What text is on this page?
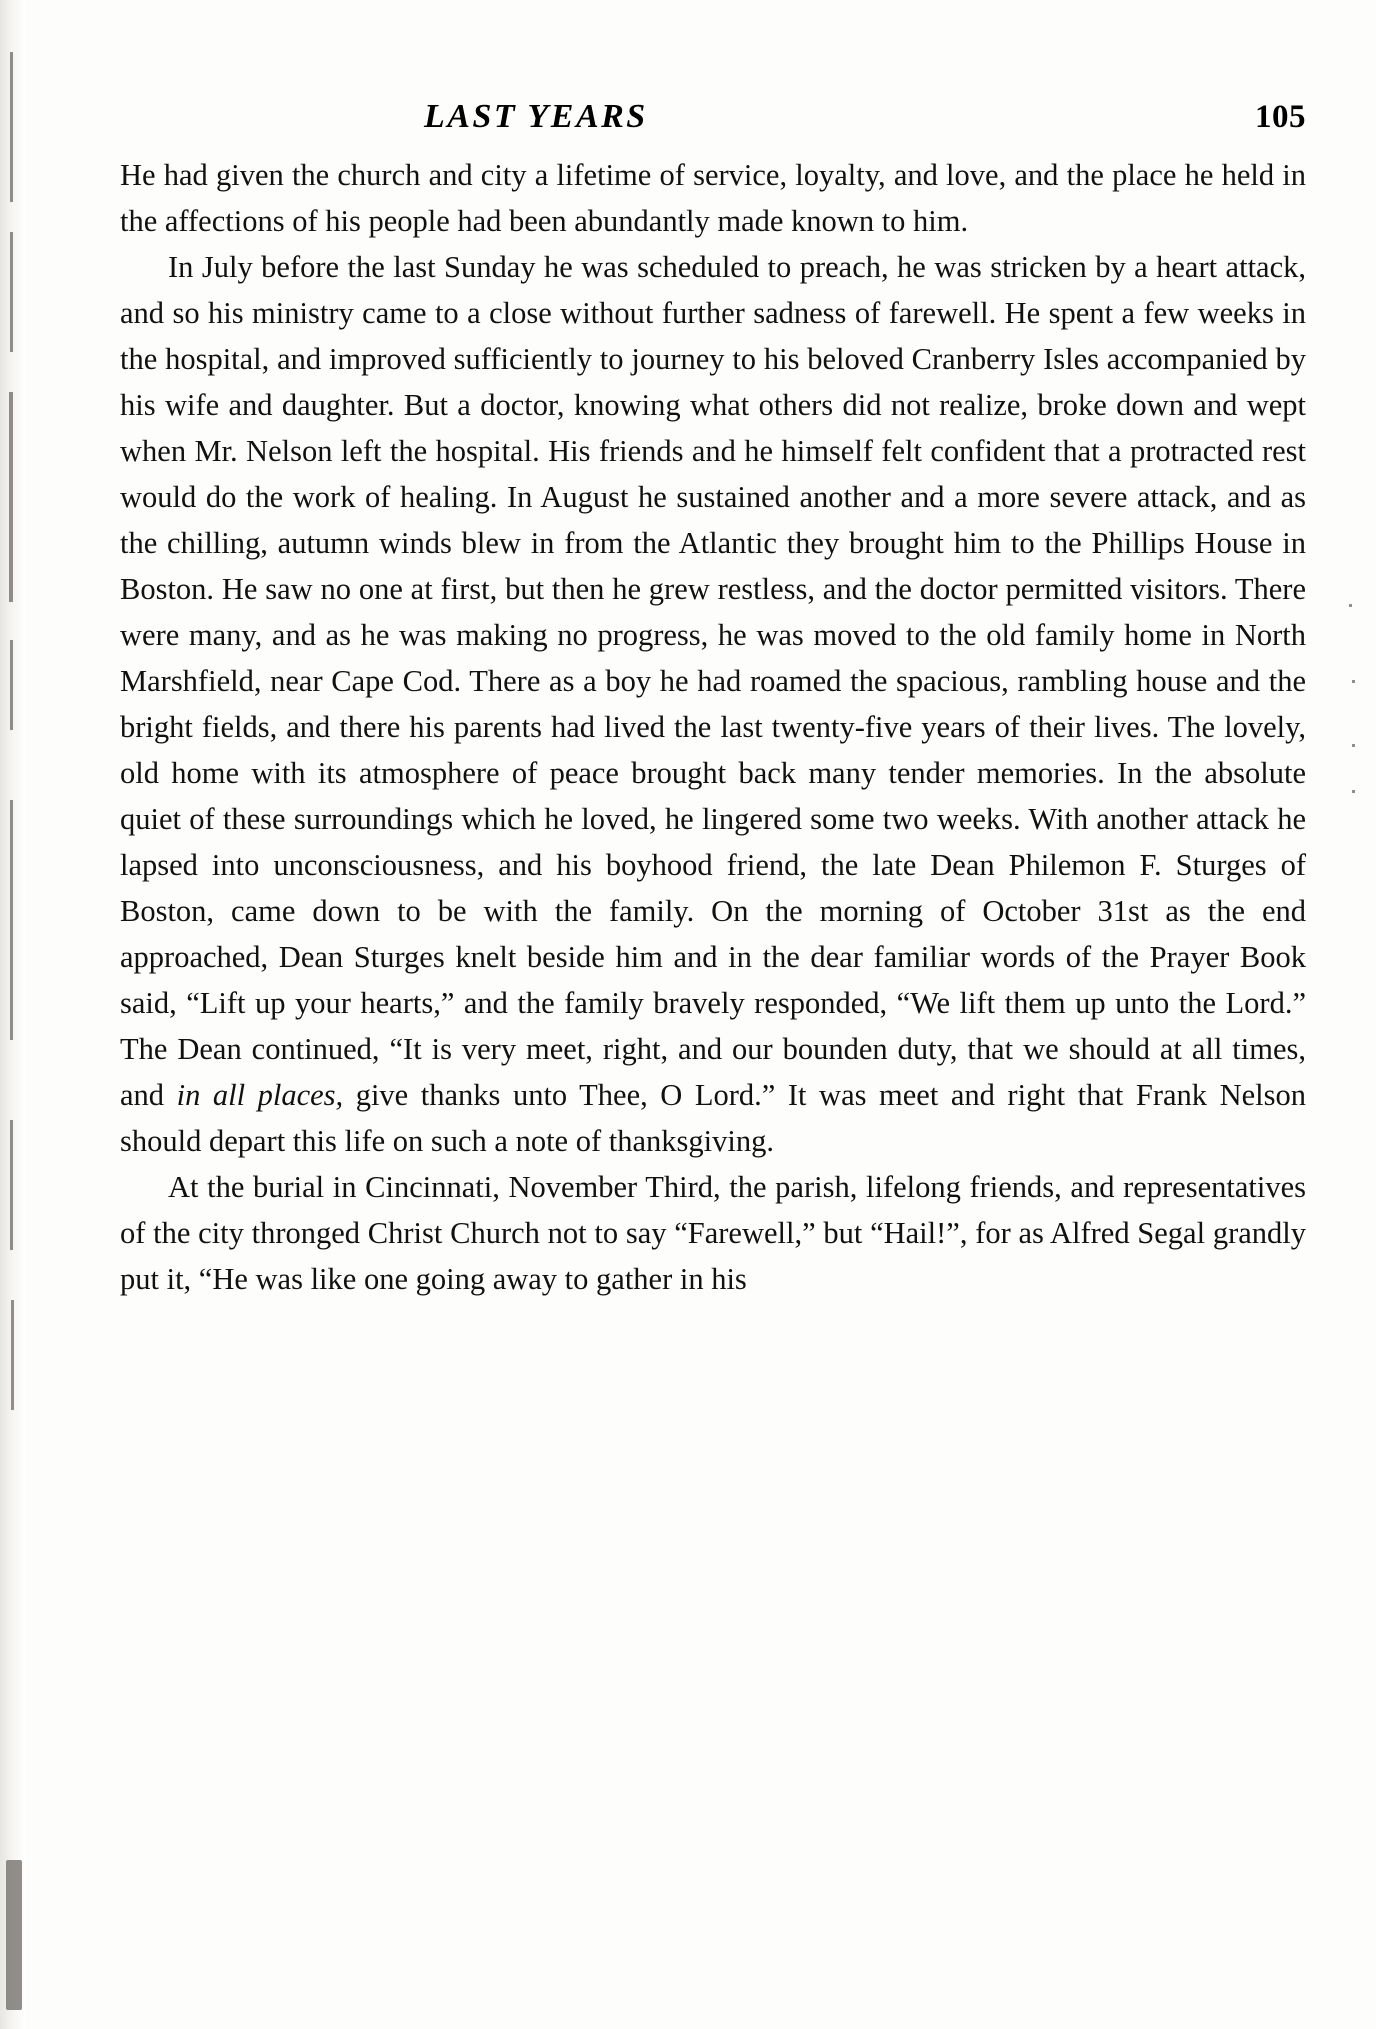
LAST YEARS	105

He had given the church and city a lifetime of service, loyalty, and love, and the place he held in the affections of his people had been abundantly made known to him.

In July before the last Sunday he was scheduled to preach, he was stricken by a heart attack, and so his ministry came to a close without further sadness of farewell. He spent a few weeks in the hospital, and improved sufficiently to journey to his beloved Cranberry Isles accompanied by his wife and daughter. But a doctor, knowing what others did not realize, broke down and wept when Mr. Nelson left the hospital. His friends and he himself felt confident that a protracted rest would do the work of healing. In August he sustained another and a more severe attack, and as the chilling, autumn winds blew in from the Atlantic they brought him to the Phillips House in Boston. He saw no one at first, but then he grew restless, and the doctor permitted visitors. There were many, and as he was making no progress, he was moved to the old family home in North Marshfield, near Cape Cod. There as a boy he had roamed the spacious, rambling house and the bright fields, and there his parents had lived the last twenty-five years of their lives. The lovely, old home with its atmosphere of peace brought back many tender memories. In the absolute quiet of these surroundings which he loved, he lingered some two weeks. With another attack he lapsed into unconsciousness, and his boyhood friend, the late Dean Philemon F. Sturges of Boston, came down to be with the family. On the morning of October 31st as the end approached, Dean Sturges knelt beside him and in the dear familiar words of the Prayer Book said, “Lift up your hearts,” and the family bravely responded, “We lift them up unto the Lord.” The Dean continued, “It is very meet, right, and our bounden duty, that we should at all times, and in all places, give thanks unto Thee, O Lord.” It was meet and right that Frank Nelson should depart this life on such a note of thanksgiving.

At the burial in Cincinnati, November Third, the parish, lifelong friends, and representatives of the city thronged Christ Church not to say “Farewell,” but “Hail!”, for as Alfred Segal grandly put it, “He was like one going away to gather in his
